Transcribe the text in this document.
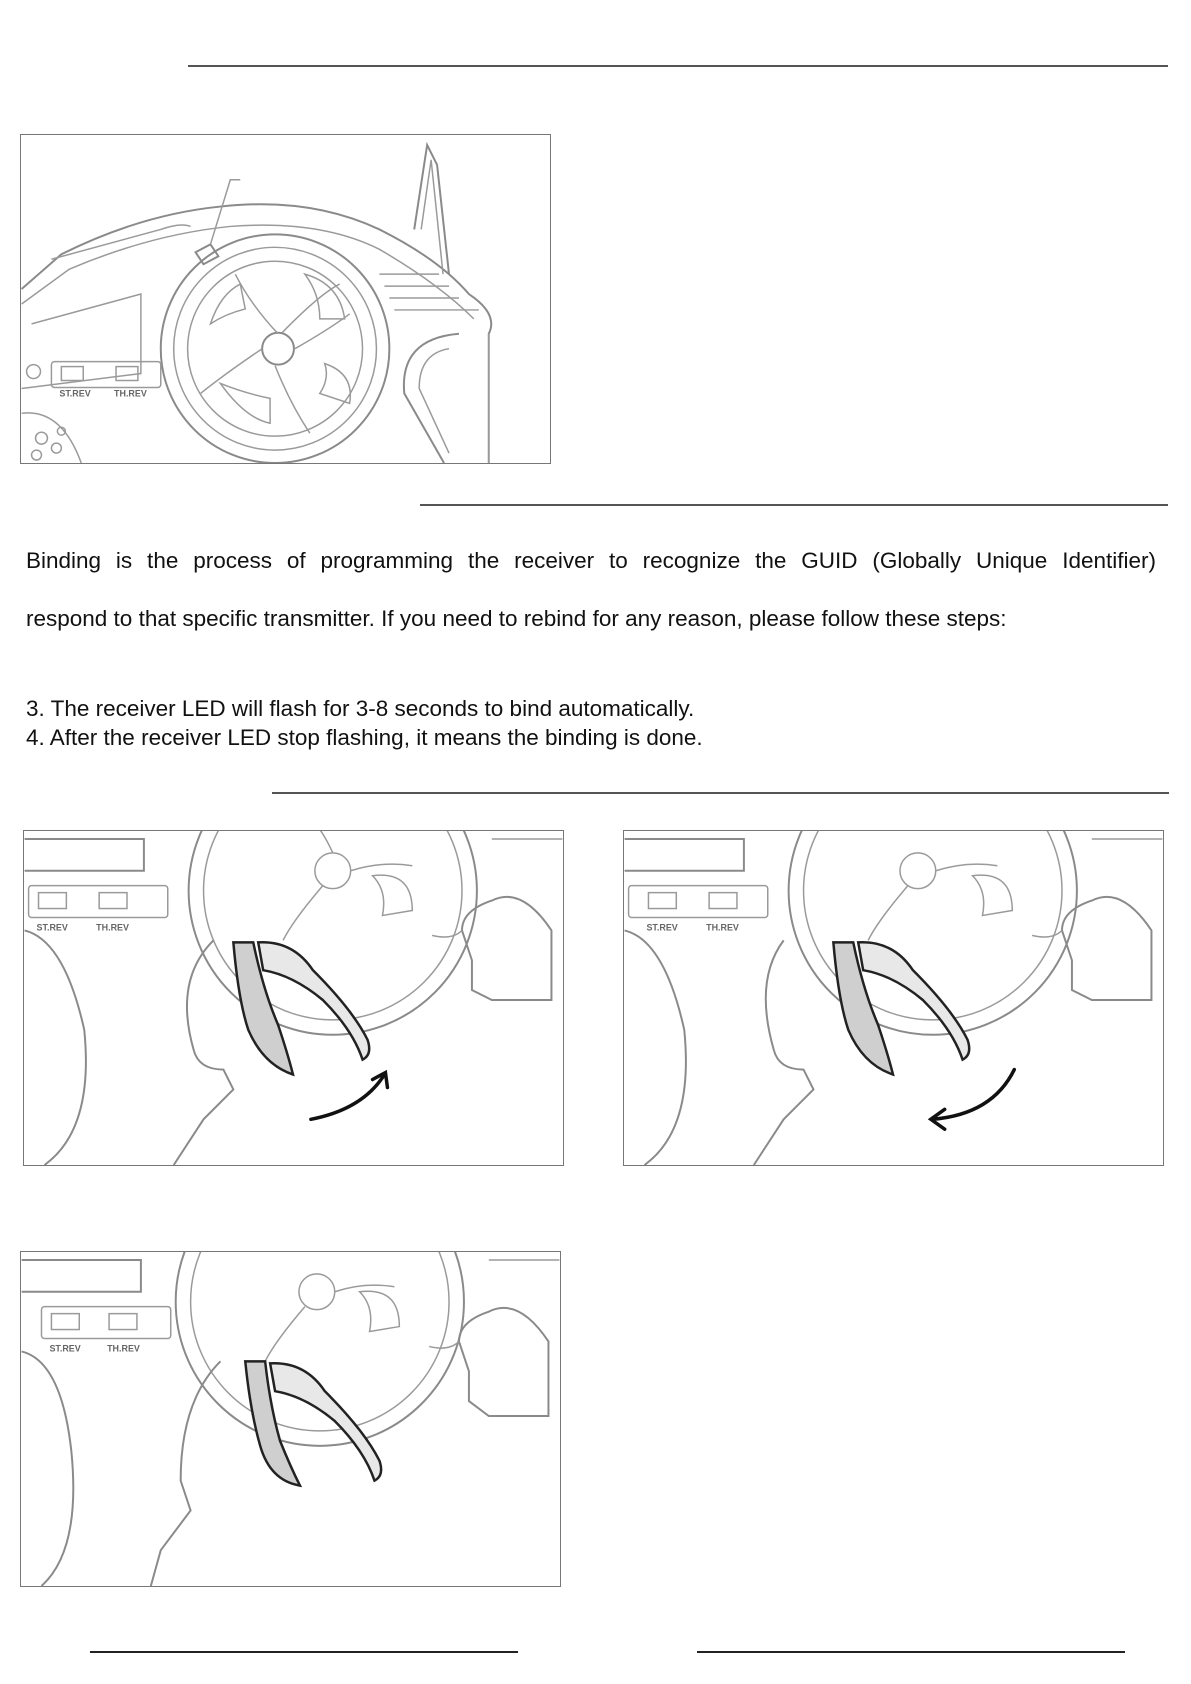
ST.REV	TH.REV
Binding is the process of programming the receiver to recognize the GUID (Globally Unique Identifier)
respond to that specific transmitter. If you need to rebind for any reason, please follow these steps:
3. The receiver LED will flash for 3-8 seconds to bind automatically.
4. After the receiver LED stop flashing, it means the binding is done.
ST.REV	TH.REV	ST.REV	TH.REV
ST.REV	TH.REV
